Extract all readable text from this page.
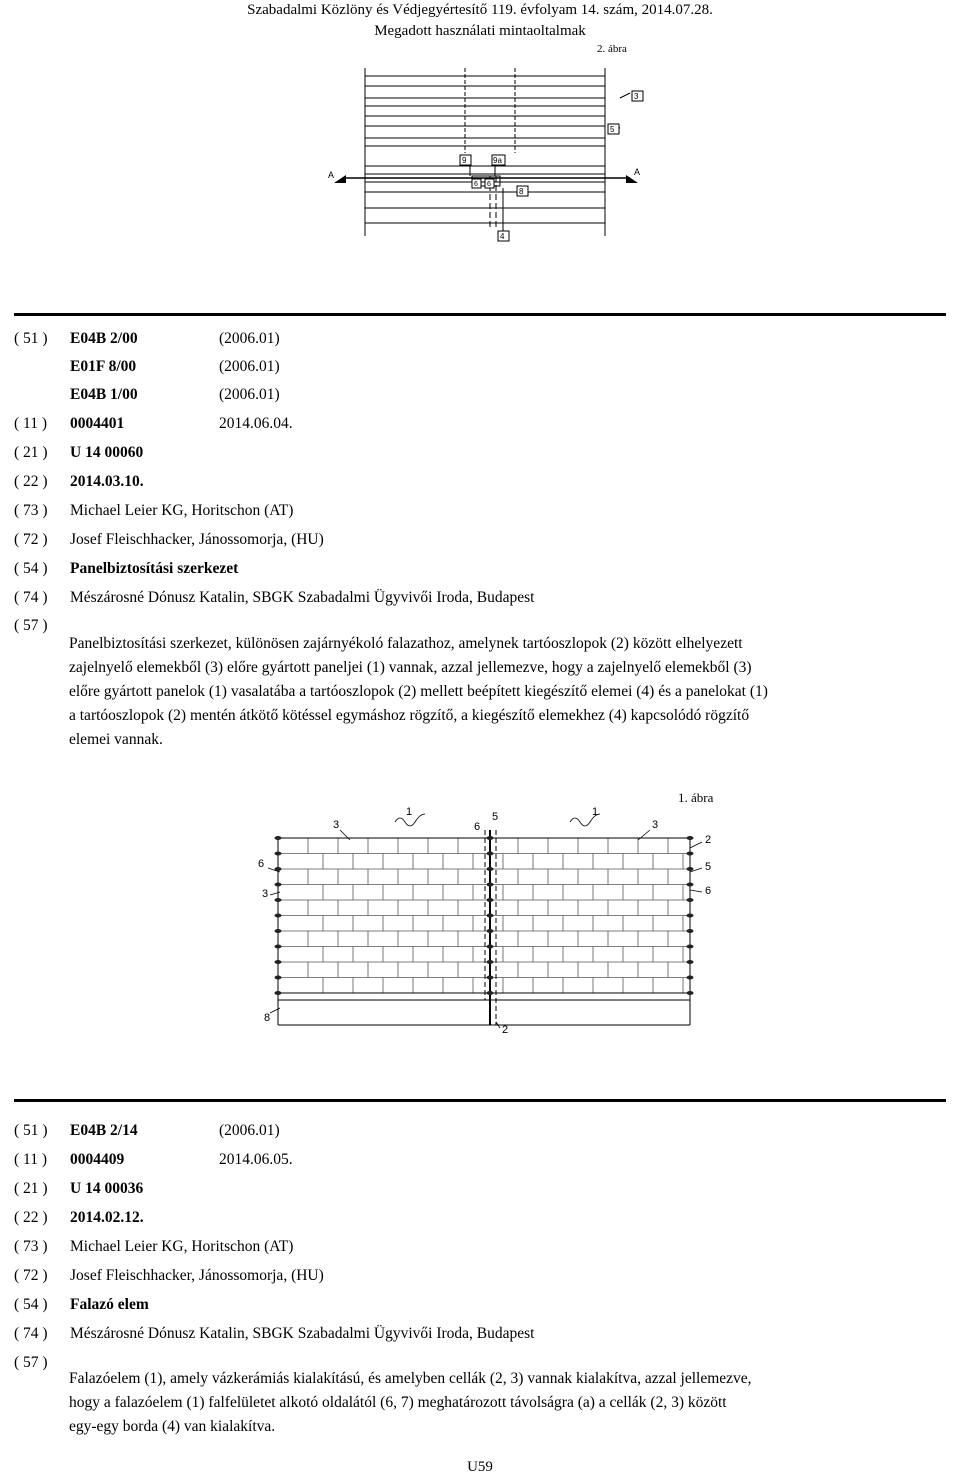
Szabadalmi Közlöny és Védjegyértesítő 119. évfolyam 14. szám, 2014.07.28.
Megadott használati mintaoltalmak
2. ábra
A	A
3
5
9	9a
6 6
8
4
( 51 ) E04B 2/00	(2006.01)
E01F 8/00	(2006.01)
E04B 1/00	(2006.01)
( 11 ) 0004401	2014.06.04.
( 21 ) U 14 00060
( 22 ) 2014.03.10.
( 73 ) Michael Leier KG, Horitschon (AT)
( 72 ) Josef Fleischhacker, Jánossomorja, (HU)
( 54 ) Panelbiztosítási szerkezet
( 74 ) Mészárosné Dónusz Katalin, SBGK Szabadalmi Ügyvivői Iroda, Budapest
( 57 )
Panelbiztosítási szerkezet, különösen zajárnyékoló falazathoz, amelynek tartóoszlopok (2) között elhelyezett
zajelnyelő elemekből (3) előre gyártott paneljei (1) vannak, azzal jellemezve, hogy a zajelnyelő elemekből (3)
előre gyártott panelok (1) vasalatába a tartóoszlopok (2) mellett beépített kiegészítő elemei (4) és a panelokat (1)
a tartóoszlopok (2) mentén átkötő kötéssel egymáshoz rögzítő, a kiegészítő elemekhez (4) kapcsolódó rögzítő
elemei vannak.
1. ábra
3
1
6
5	1
3
6
3
2
5
6
8
2
( 51 ) E04B 2/14	(2006.01)
( 11 ) 0004409	2014.06.05.
( 21 ) U 14 00036
( 22 ) 2014.02.12.
( 73 ) Michael Leier KG, Horitschon (AT)
( 72 ) Josef Fleischhacker, Jánossomorja, (HU)
( 54 ) Falazó elem
( 74 ) Mészárosné Dónusz Katalin, SBGK Szabadalmi Ügyvivői Iroda, Budapest
( 57 )
Falazóelem (1), amely vázkerámiás kialakítású, és amelyben cellák (2, 3) vannak kialakítva, azzal jellemezve,
hogy a falazóelem (1) falfelületet alkotó oldalától (6, 7) meghatározott távolságra (a) a cellák (2, 3) között
egy-egy borda (4) van kialakítva.
U59
